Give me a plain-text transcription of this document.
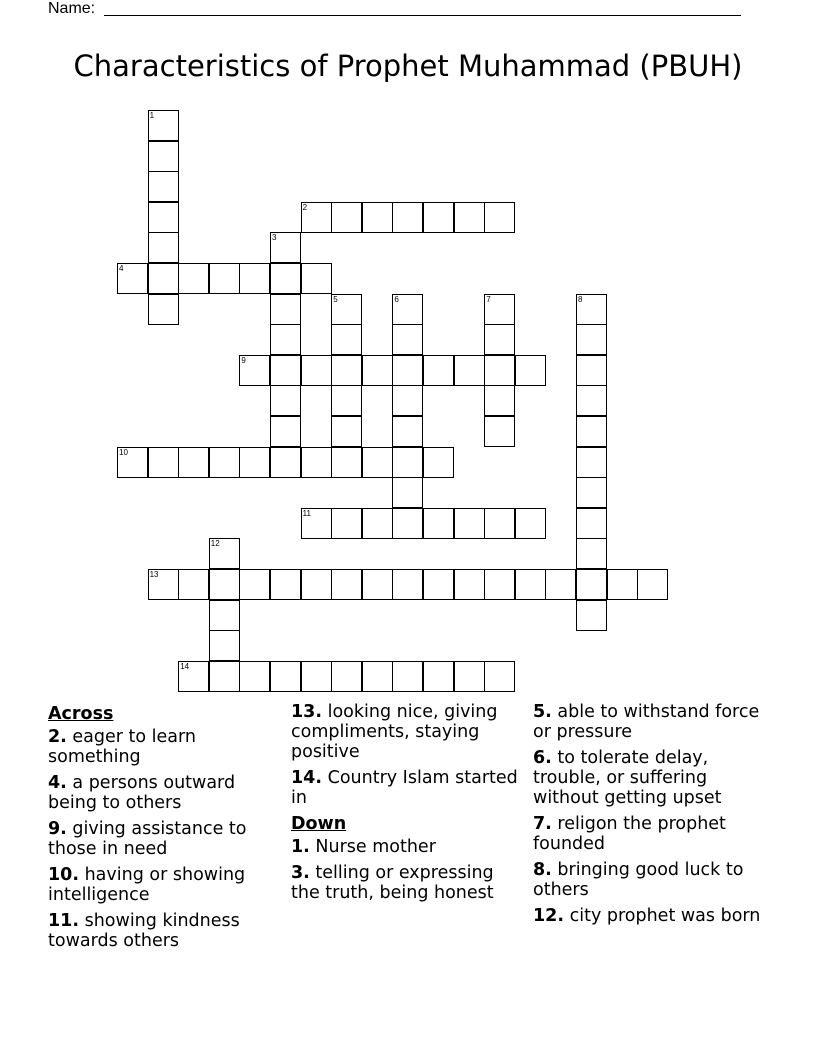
Name:
Characteristics of Prophet Muhammad (PBUH)
1
2
3
4
5	6	7	8
9
10
11
12
13
14
Across
2. eager to learn something
4. a persons outward being to others
9. giving assistance to those in need
10. having or showing intelligence
11. showing kindness towards others
13. looking nice, giving compliments, staying positive
14. Country Islam started in
Down
1. Nurse mother
3. telling or expressing the truth, being honest
5. able to withstand force or pressure
6. to tolerate delay, trouble, or suffering without getting upset
7. religon the prophet founded
8. bringing good luck to others
12. city prophet was born
